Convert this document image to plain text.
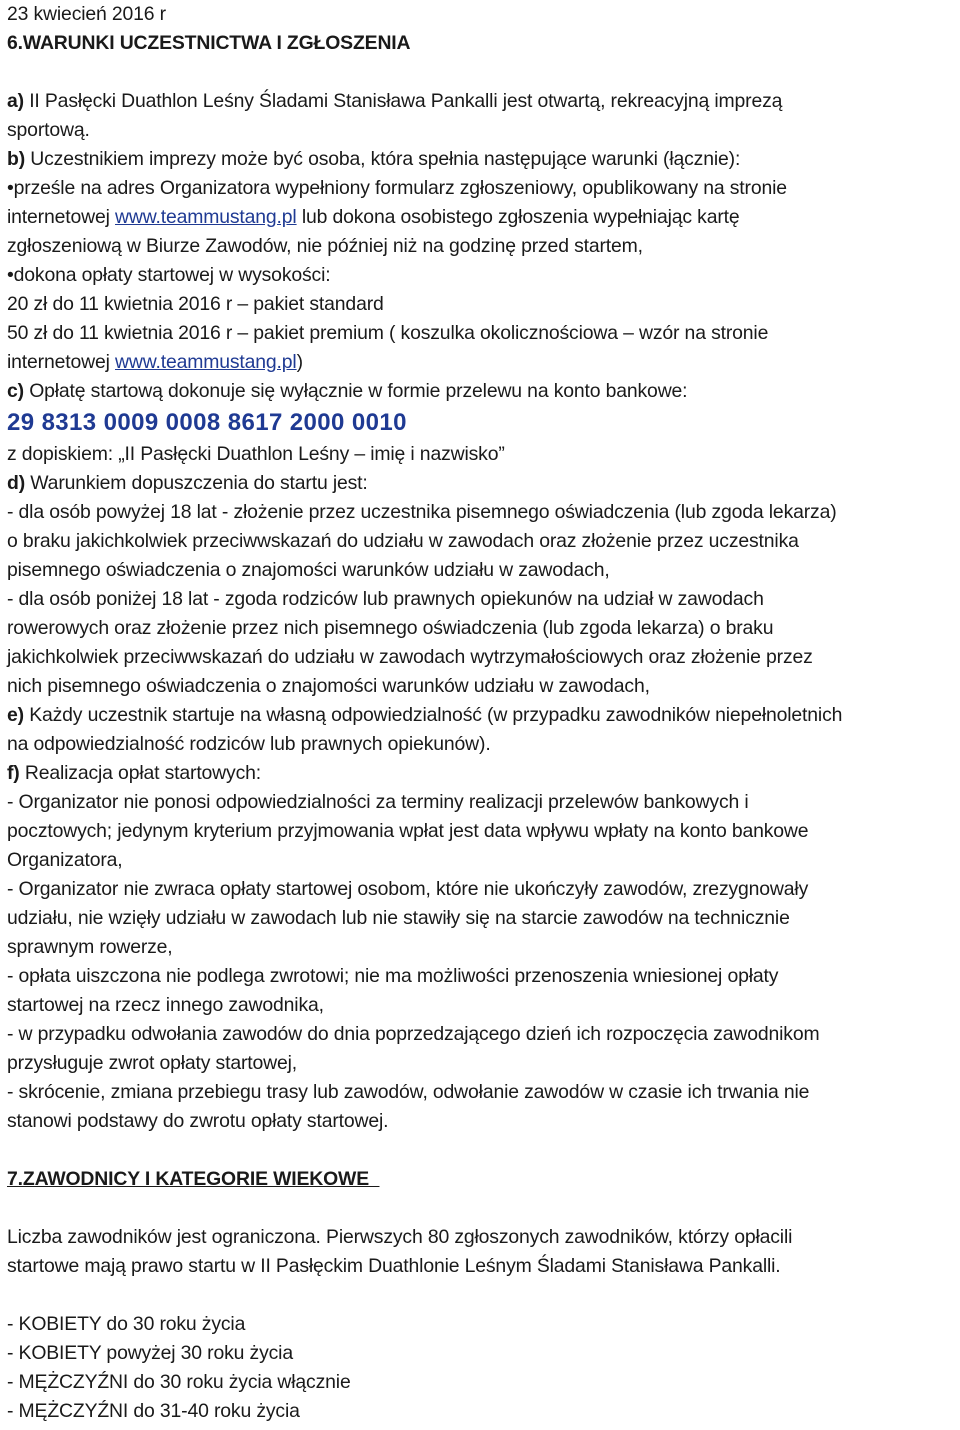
23 kwiecień 2016 r
6.WARUNKI UCZESTNICTWA I ZGŁOSZENIA
a) II Pasłęcki Duathlon Leśny Śladami Stanisława Pankalli jest otwartą, rekreacyjną imprezą
sportową.
b) Uczestnikiem imprezy może być osoba, która spełnia następujące warunki (łącznie):
•prześle na adres Organizatora wypełniony formularz zgłoszeniowy, opublikowany na stronie
internetowej www.teammustang.pl lub dokona osobistego zgłoszenia wypełniając kartę
zgłoszeniową w Biurze Zawodów, nie później niż na godzinę przed startem,
•dokona opłaty startowej w wysokości:
20 zł do 11 kwietnia 2016 r – pakiet standard
50 zł do 11 kwietnia 2016 r – pakiet premium ( koszulka okolicznościowa – wzór na stronie
internetowej www.teammustang.pl)
c) Opłatę startową dokonuje się wyłącznie w formie przelewu na konto bankowe:
29 8313 0009 0008 8617 2000 0010
z dopiskiem: „II Pasłęcki Duathlon Leśny – imię i nazwisko”
d) Warunkiem dopuszczenia do startu jest:
- dla osób powyżej 18 lat - złożenie przez uczestnika pisemnego oświadczenia (lub zgoda lekarza)
o braku jakichkolwiek przeciwwskazań do udziału w zawodach oraz złożenie przez uczestnika
pisemnego oświadczenia o znajomości warunków udziału w zawodach,
- dla osób poniżej 18 lat - zgoda rodziców lub prawnych opiekunów na udział w zawodach
rowerowych oraz złożenie przez nich pisemnego oświadczenia (lub zgoda lekarza) o braku
jakichkolwiek przeciwwskazań do udziału w zawodach wytrzymałościowych oraz złożenie przez
nich pisemnego oświadczenia o znajomości warunków udziału w zawodach,
e) Każdy uczestnik startuje na własną odpowiedzialność (w przypadku zawodników niepełnoletnich
na odpowiedzialność rodziców lub prawnych opiekunów).
f) Realizacja opłat startowych:
- Organizator nie ponosi odpowiedzialności za terminy realizacji przelewów bankowych i
pocztowych; jedynym kryterium przyjmowania wpłat jest data wpływu wpłaty na konto bankowe
Organizatora,
- Organizator nie zwraca opłaty startowej osobom, które nie ukończyły zawodów, zrezygnowały
udziału, nie wzięły udziału w zawodach lub nie stawiły się na starcie zawodów na technicznie
sprawnym rowerze,
- opłata uiszczona nie podlega zwrotowi; nie ma możliwości przenoszenia wniesionej opłaty
startowej na rzecz innego zawodnika,
- w przypadku odwołania zawodów do dnia poprzedzającego dzień ich rozpoczęcia zawodnikom
przysługuje zwrot opłaty startowej,
- skrócenie, zmiana przebiegu trasy lub zawodów, odwołanie zawodów w czasie ich trwania nie
stanowi podstawy do zwrotu opłaty startowej.
7.ZAWODNICY I KATEGORIE WIEKOWE
Liczba zawodników jest ograniczona. Pierwszych 80 zgłoszonych zawodników, którzy opłacili
startowe mają prawo startu w II Pasłęckim Duathlonie Leśnym Śladami Stanisława Pankalli.
- KOBIETY do 30 roku życia
- KOBIETY powyżej 30 roku życia
- MĘŻCZYŹNI do 30 roku życia włącznie
- MĘŻCZYŹNI do 31-40 roku życia
